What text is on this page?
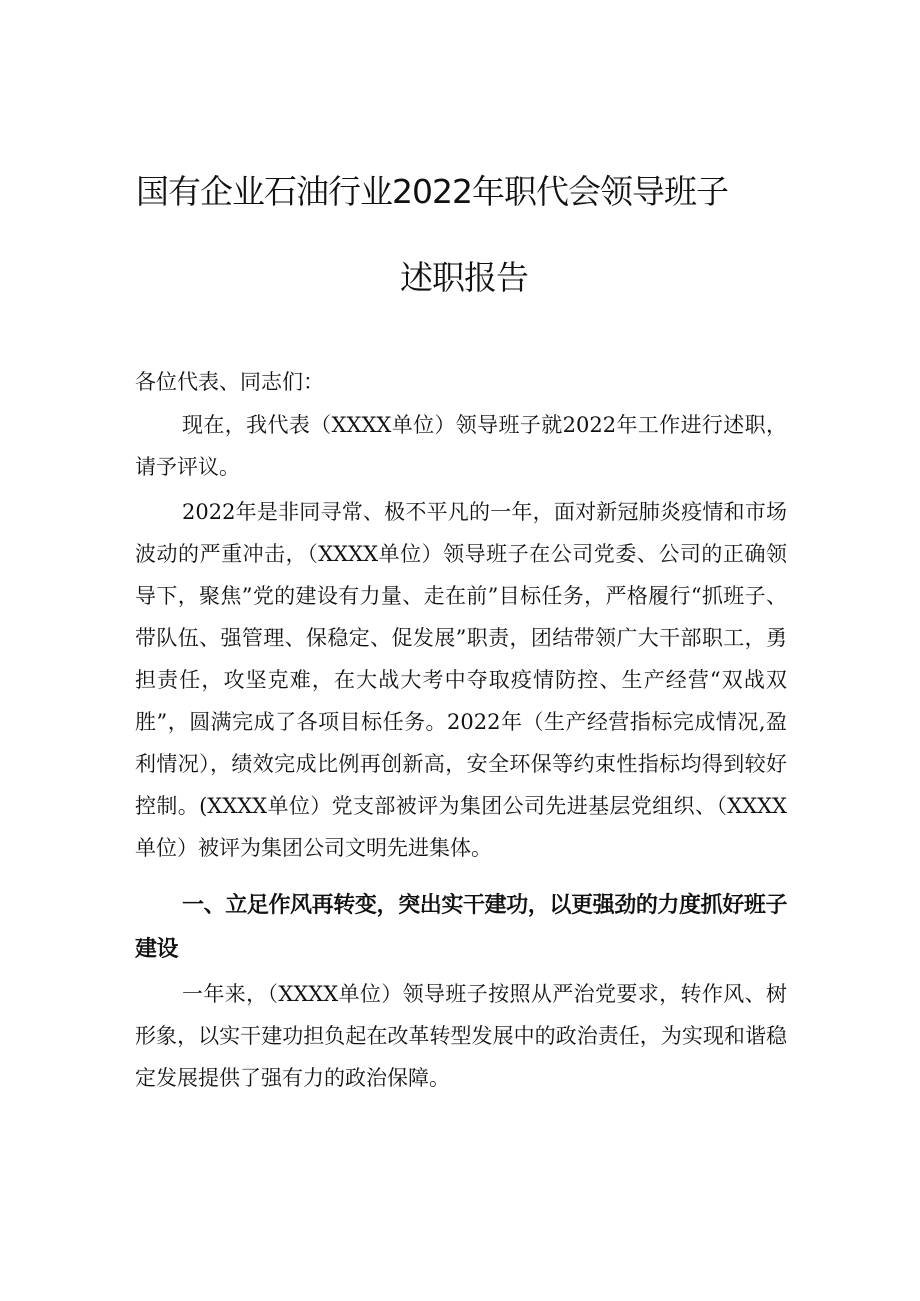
国有企业石油行业2022年职代会领导班子
述职报告
各位代表、同志们：
现在，我代表（XXXX单位）领导班子就2022年工作进行述职，请予评议。
2022年是非同寻常、极不平凡的一年，面对新冠肺炎疫情和市场波动的严重冲击，（XXXX单位）领导班子在公司党委、公司的正确领导下，聚焦”党的建设有力量、走在前”目标任务，严格履行“抓班子、带队伍、强管理、保稳定、促发展”职责，团结带领广大干部职工，勇担责任，攻坚克难，在大战大考中夺取疫情防控、生产经营“双战双胜”，圆满完成了各项目标任务。2022年（生产经营指标完成情况,盈利情况），绩效完成比例再创新高，安全环保等约束性指标均得到较好控制。(XXXX单位）党支部被评为集团公司先进基层党组织、（XXXX单位）被评为集团公司文明先进集体。
一、立足作风再转变，突出实干建功，以更强劲的力度抓好班子建设
一年来，（XXXX单位）领导班子按照从严治党要求，转作风、树形象，以实干建功担负起在改革转型发展中的政治责任，为实现和谐稳定发展提供了强有力的政治保障。
